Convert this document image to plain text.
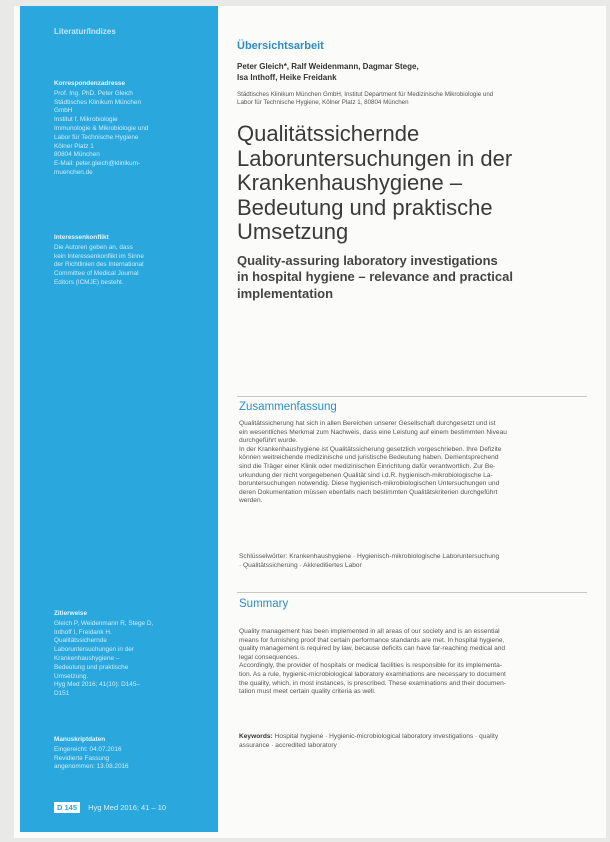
Literatur/Indizes
Korrespondenzadresse
Prof. Ing. PhD. Peter Gleich
Städtisches Klinikum München
GmbH
Institut f. Mikrobiologie
Immunologie & Mikrobiologie und
Labor für Technische Hygiene
Kölner Platz 1
80804 München
E-Mail: peter.gleich@klinikum-
muenchen.de
Interessenkonflikt
Die Autoren geben an, dass
kein Interessenkonflikt im Sinne
der Richtlinien des International
Committee of Medical Journal
Editors (ICMJE) besteht.
Zitierweise
Gleich P, Weidenmann R, Stege D,
Inthoff I, Freidank H.
Qualitätssichernde
Laboruntersuchungen in der
Krankenhaushygiene –
Bedeutung und praktische
Umsetzung.
Hyg Med 2016; 41(10): D145–
D151
Manuskriptdaten
Eingereicht: 04.07.2016
Revidierte Fassung
angenommen: 13.08.2016
D 145 Hyg Med 2016; 41 – 10
Übersichtsarbeit
Peter Gleich*, Ralf Weidenmann, Dagmar Stege,
Isa Inthoff, Heike Freidank
Städtisches Klinikum München GmbH, Institut Department für Medizinische Mikrobiologie und
Labor für Technische Hygiene, Kölner Platz 1, 80804 München
Qualitätssichernde
Laboruntersuchungen in der
Krankenhaushygiene –
Bedeutung und praktische
Umsetzung
Quality-assuring laboratory investigations
in hospital hygiene – relevance and practical
implementation
Zusammenfassung
Qualitätssicherung hat sich in allen Bereichen unserer Gesellschaft durchgesetzt und ist
ein wesentliches Merkmal zum Nachweis, dass eine Leistung auf einem bestimmten Niveau
durchgeführt wurde.
In der Krankenhaushygiene ist Qualitätssicherung gesetzlich vorgeschrieben. Ihre Defizite
können weitreichende medizinische und juristische Bedeutung haben. Dementsprechend
sind die Träger einer Klinik oder medizinischen Einrichtung dafür verantwortlich. Zur Be-
urkundung der nicht vorgegebenen Qualität sind i.d.R. hygienisch-mikrobiologische La-
boruntersuchungen notwendig. Diese hygienisch-mikrobiologischen Untersuchungen und
deren Dokumentation müssen ebenfalls nach bestimmten Qualitätskriterien durchgeführt
werden.
Schlüsselwörter: Krankenhaushygiene · Hygienisch-mikrobiologische Laboruntersuchung
· Qualitätssicherung · Akkreditiertes Labor
Summary
Quality management has been implemented in all areas of our society and is an essential
means for furnishing proof that certain performance standards are met. In hospital hygiene,
quality management is required by law, because deficits can have far-reaching medical and
legal consequences.
Accordingly, the provider of hospitals or medical facilities is responsible for its implementa-
tion. As a rule, hygienic-microbiological laboratory examinations are necessary to document
the quality, which, in most instances, is prescribed. These examinations and their documen-
tation must meet certain quality criteria as well.
Keywords: Hospital hygiene · Hygienic-microbiological laboratory investigations · quality
assurance · accredited laboratory
